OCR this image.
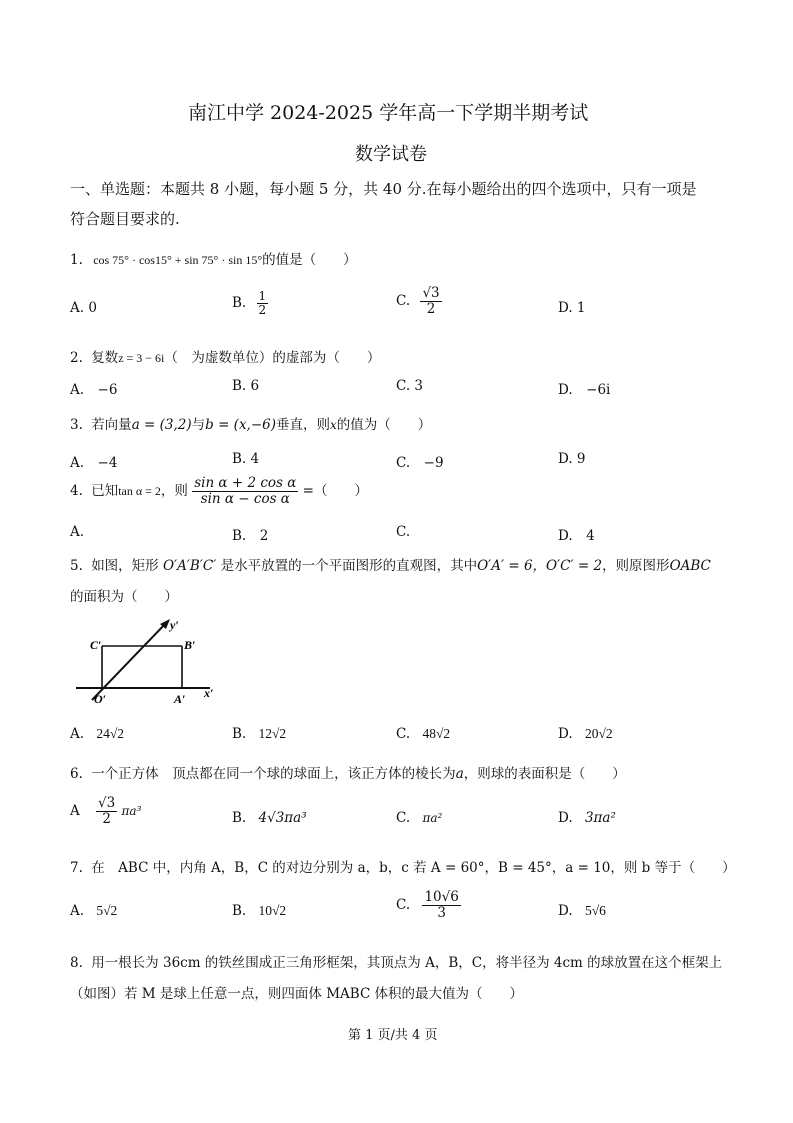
南江中学 2024-2025 学年高一下学期半期考试
数学试卷
一、单选题：本题共 8 小题，每小题 5 分，共 40 分.在每小题给出的四个选项中，只有一项是
符合题目要求的.
1. cos 75° · cos15° + sin 75° · sin 15°的值是（　　）
A. 0	B. $\frac{1}{2}$	C. $\frac{√3}{2}$	D. 1
2. 复数z = 3 − 6i（　为虚数单位）的虚部为（　　）
A.　−6	B. 6	C. 3	D.　−6i
3. 若向量a = (3,2)与b = (x,−6)垂直，则x的值为（　　）
A.　−4	B. 4	C.　−9	D. 9
4. 已知tan α = 2，则 $\frac{\text{sin α + 2 cos α}}{\text{sin α − cos α}}$ =（　　）
A.	B.　2	C.	D.　4
5. 如图，矩形 O′A′B′C′ 是水平放置的一个平面图形的直观图，其中O′A′ = 6，O′C′ = 2，则原图形OABC
的面积为（　　）
C′	B′
O′	A′ x′
y′
A. 24√2	B. 12√2	C. 48√2	D. 20√2
6. 一个正方体　顶点都在同一个球的球面上，该正方体的棱长为a，则球的表面积是（　　）
A $\frac{√3}{2} \pi a^3$	B. 4√3πa³	C. πa²	D. 3πa²
7. 在　ABC 中，内角 A，B，C 的对边分别为 a，b，c 若 A = 60°，B = 45°，a = 10，则 b 等于（　　）
A. 5√2	B. 10√2	C. $\frac{10√6}{3}$	D. 5√6
8. 用一根长为 36cm 的铁丝围成正三角形框架，其顶点为 A，B，C，将半径为 4cm 的球放置在这个框架上
（如图）若 M 是球上任意一点，则四面体 MABC 体积的最大值为（　　）
第 1 页/共 4 页
